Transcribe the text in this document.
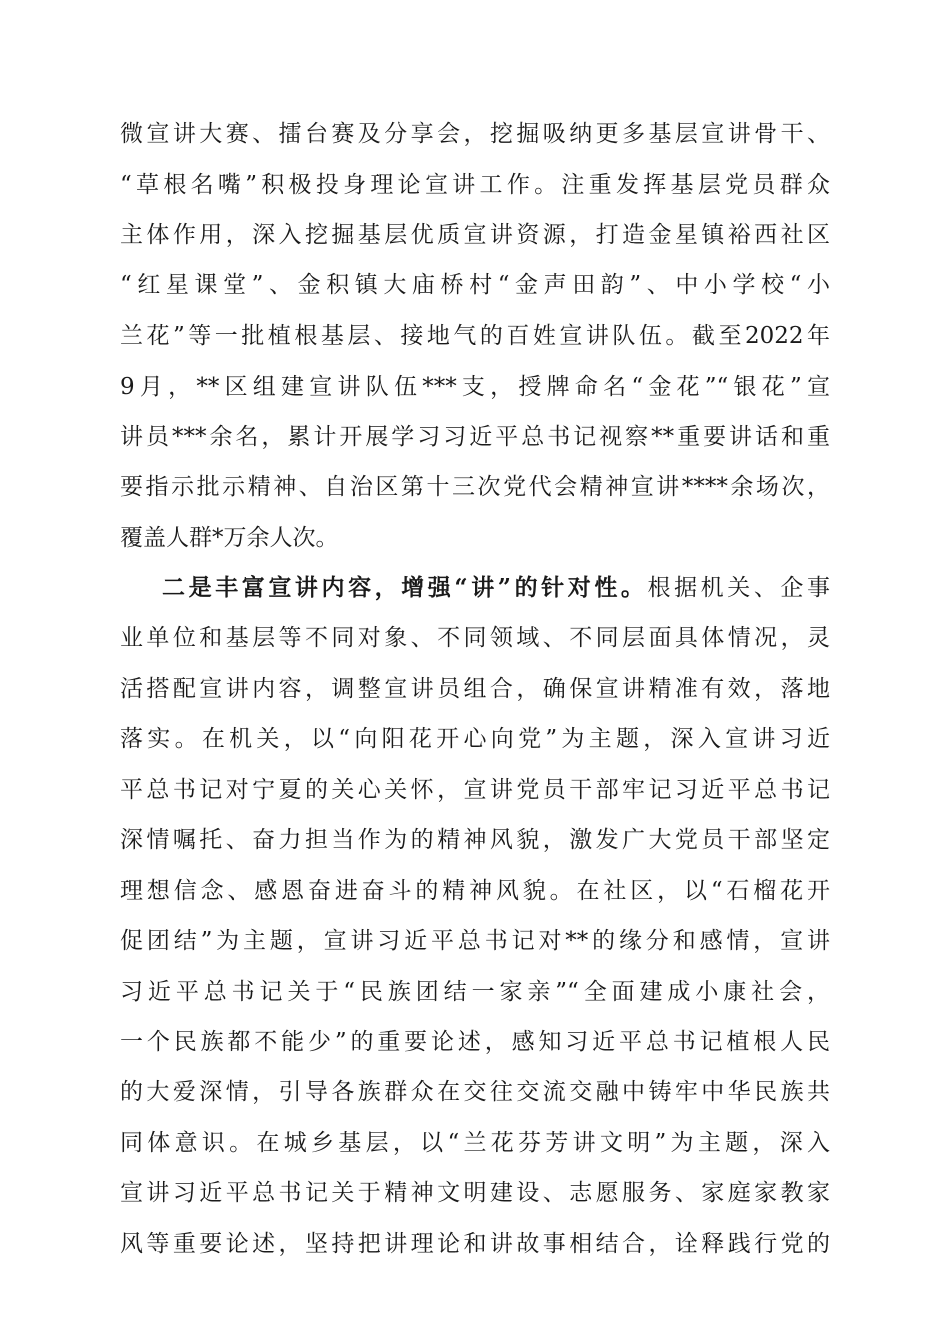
微宣讲大赛、擂台赛及分享会，挖掘吸纳更多基层宣讲骨干、
“草根名嘴”积极投身理论宣讲工作。注重发挥基层党员群众
主体作用，深入挖掘基层优质宣讲资源，打造金星镇裕西社区
“红星课堂”、金积镇大庙桥村“金声田韵”、中小学校“小
兰花”等一批植根基层、接地气的百姓宣讲队伍。截至2022年
9月，**区组建宣讲队伍***支，授牌命名“金花”“银花”宣
讲员***余名，累计开展学习习近平总书记视察**重要讲话和重
要指示批示精神、自治区第十三次党代会精神宣讲****余场次，
覆盖人群*万余人次。
二是丰富宣讲内容，增强“讲”的针对性。根据机关、企事
业单位和基层等不同对象、不同领域、不同层面具体情况，灵
活搭配宣讲内容，调整宣讲员组合，确保宣讲精准有效，落地
落实。在机关，以“向阳花开心向党”为主题，深入宣讲习近
平总书记对宁夏的关心关怀，宣讲党员干部牢记习近平总书记
深情嘱托、奋力担当作为的精神风貌，激发广大党员干部坚定
理想信念、感恩奋进奋斗的精神风貌。在社区，以“石榴花开
促团结”为主题，宣讲习近平总书记对**的缘分和感情，宣讲
习近平总书记关于“民族团结一家亲”“全面建成小康社会，
一个民族都不能少”的重要论述，感知习近平总书记植根人民
的大爱深情，引导各族群众在交往交流交融中铸牢中华民族共
同体意识。在城乡基层，以“兰花芬芳讲文明”为主题，深入
宣讲习近平总书记关于精神文明建设、志愿服务、家庭家教家
风等重要论述，坚持把讲理论和讲故事相结合，诠释践行党的
